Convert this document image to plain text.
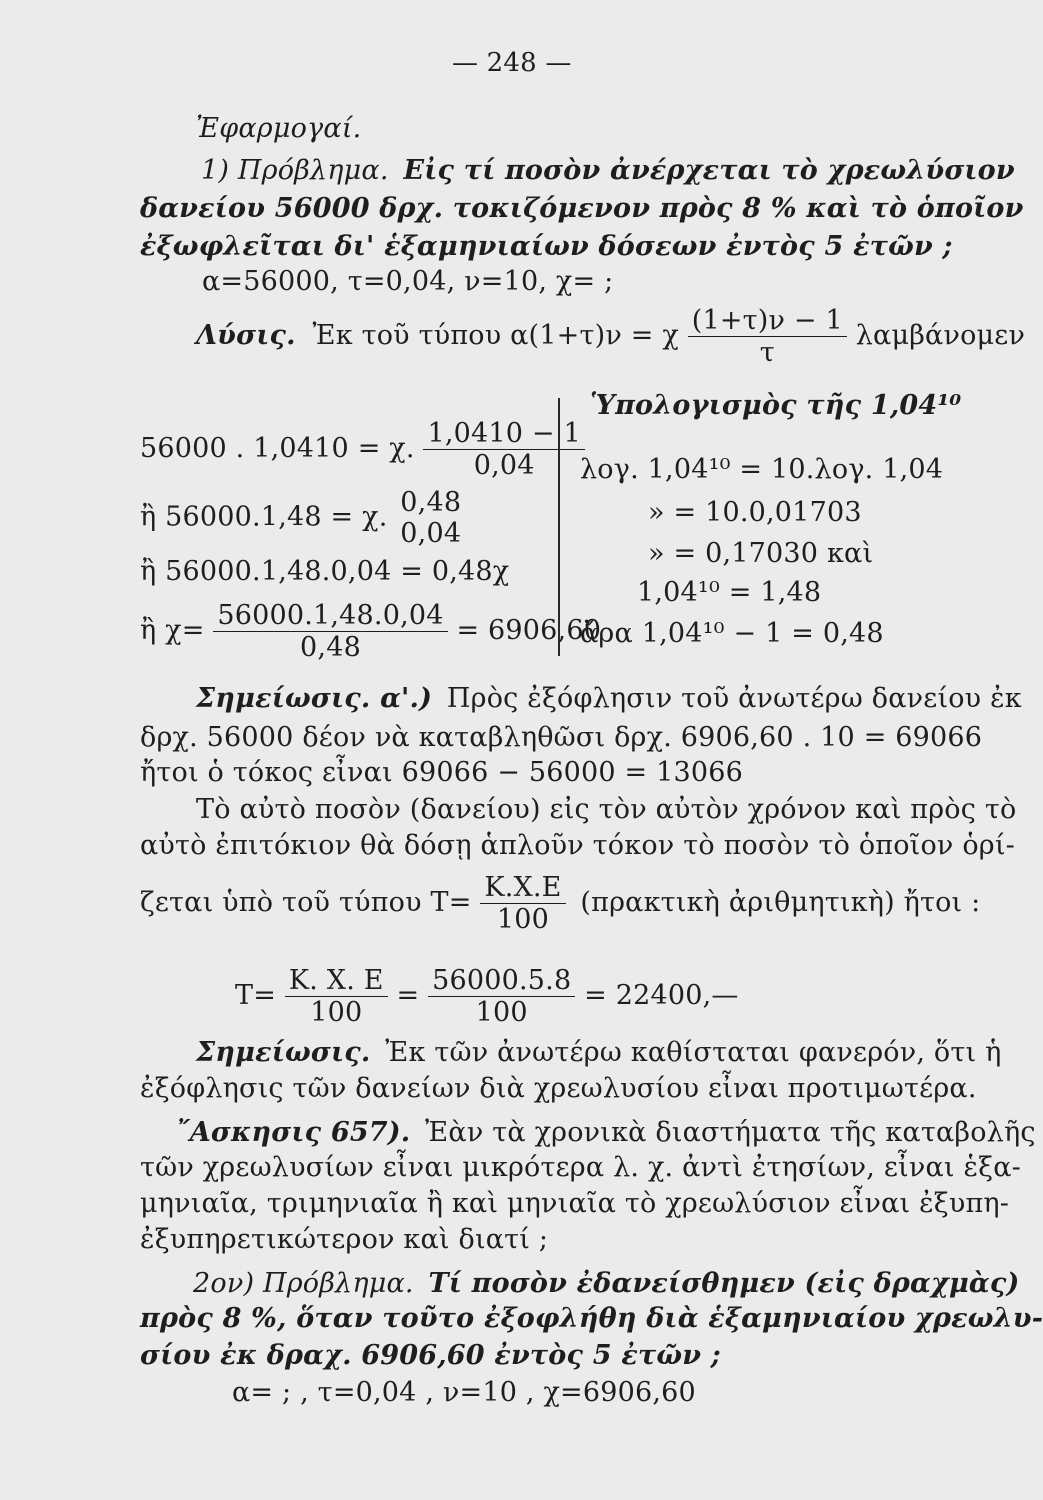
— 248 —
Ἐφαρμογαί.
1) Πρόβλημα. Εἰς τί ποσὸν ἀνέρχεται τὸ χρεωλύσιον
δανείου 56000 δρχ. τοκιζόμενον πρὸς 8 % καὶ τὸ ὁποῖον
ἐξωφλεῖται δι' ἑξαμηνιαίων δόσεων ἐντὸς 5 ἐτῶν ;
α=56000, τ=0,04, ν=10, χ= ;
Λύσις. Ἐκ τοῦ τύπου α(1+τ)ν = χ $\frac{(1+\tau)\nu - 1}{\tau}$ λαμβάνομεν
56000 . 1,0410 = χ. $\frac{1,0410 - 1}{0,04}$
ἢ 56000.1,48 = χ. 0,48
0,04
ἢ 56000.1,48.0,04 = 0,48χ
ἢ $\chi= \frac{56000.1,48.0,04}{0,48} = 6906,60$
Ὑπολογισμὸς τῆς 1,04¹⁰
λογ. 1,04¹⁰ = 10.λογ. 1,04
» = 10.0,01703
» = 0,17030 καὶ
1,04¹⁰ = 1,48
ἄρα 1,04¹⁰ − 1 = 0,48
Σημείωσις. α'.) Πρὸς ἐξόφλησιν τοῦ ἀνωτέρω δανείου ἐκ
δρχ. 56000 δέον νὰ καταβληθῶσι δρχ. 6906,60 . 10 = 69066
ἤτοι ὁ τόκος εἶναι 69066 − 56000 = 13066
Τὸ αὐτὸ ποσὸν (δανείου) εἰς τὸν αὐτὸν χρόνον καὶ πρὸς τὸ
αὐτὸ ἐπιτόκιον θὰ δόσῃ ἁπλοῦν τόκον τὸ ποσὸν τὸ ὁποῖον ὁρί-
ζεται ὑπὸ τοῦ τύπου $T= \frac{K.X.E}{100}$ (πρακτικὴ ἀριθμητικὴ) ἤτοι :
$T= \frac{K. X. E}{100} = \frac{56000.5.8}{100}$ = 22400,—
Σημείωσις. Ἐκ τῶν ἀνωτέρω καθίσταται φανερόν, ὅτι ἡ
ἐξόφλησις τῶν δανείων διὰ χρεωλυσίου εἶναι προτιμωτέρα.
῎Ασκησις 657). Ἐὰν τὰ χρονικὰ διαστήματα τῆς καταβολῆς
τῶν χρεωλυσίων εἶναι μικρότερα λ. χ. ἀντὶ ἐτησίων, εἶναι ἑξα-
μηνιαῖα, τριμηνιαῖα ἢ καὶ μηνιαῖα τὸ χρεωλύσιον εἶναι ἐξυπη-
ἐξυπηρετικώτερον καὶ διατί ;
2ον) Πρόβλημα. Τί ποσὸν ἐδανείσθημεν (εἰς δραχμὰς)
πρὸς 8 %, ὅταν τοῦτο ἐξοφλήθη διὰ ἑξαμηνιαίου χρεωλυ-
σίου ἐκ δραχ. 6906,60 ἐντὸς 5 ἐτῶν ;
α= ; , τ=0,04 , ν=10 , χ=6906,60
